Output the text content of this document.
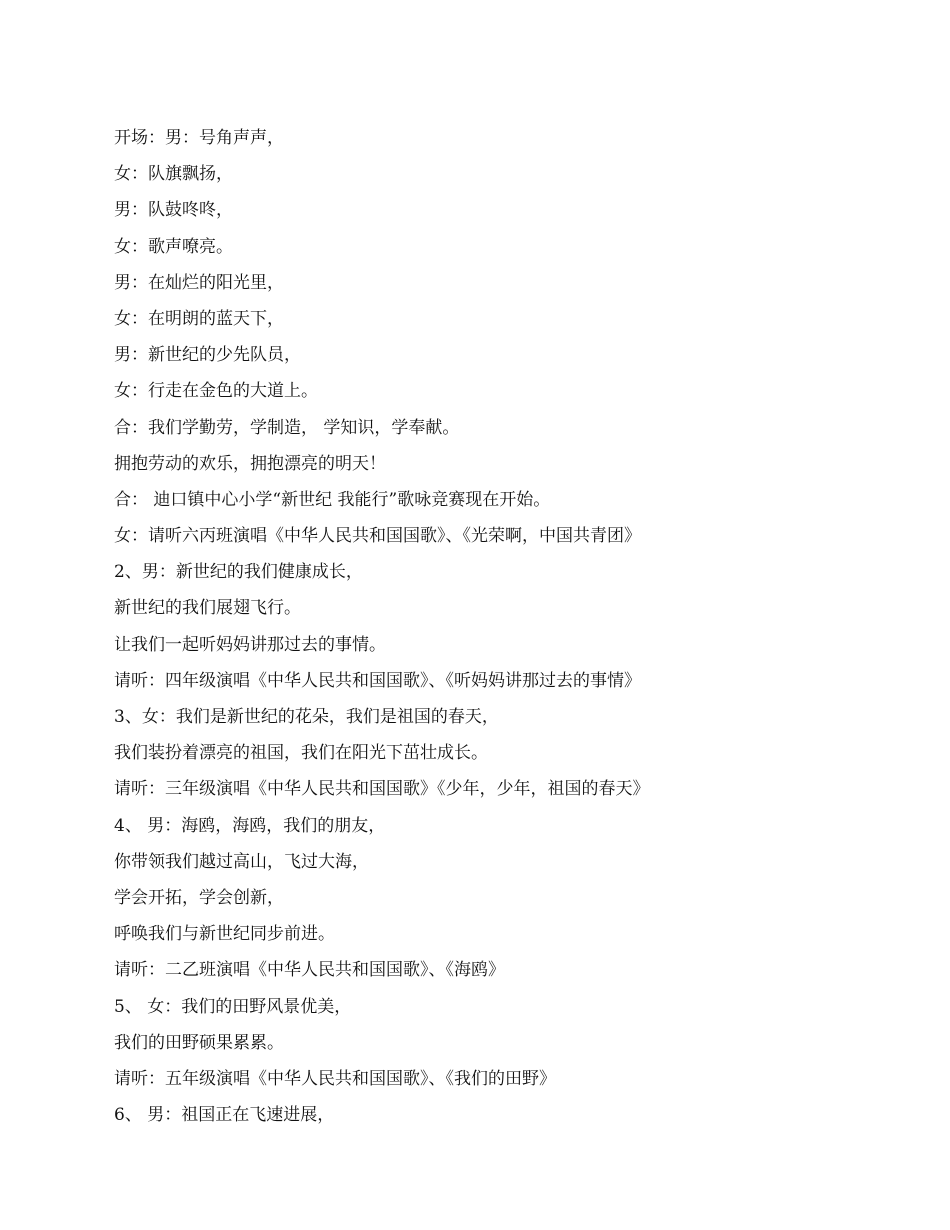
开场：男：号角声声，

女：队旗飘扬，

男：队鼓咚咚，

女：歌声嘹亮。

男：在灿烂的阳光里，

女：在明朗的蓝天下，

男：新世纪的少先队员，

女：行走在金色的大道上。

合：我们学勤劳，学制造， 学知识，学奉献。

拥抱劳动的欢乐，拥抱漂亮的明天！

合： 迪口镇中心小学“新世纪 我能行”歌咏竞赛现在开始。

女：请听六丙班演唱《中华人民共和国国歌》、《光荣啊，中国共青团》

2、男：新世纪的我们健康成长，

新世纪的我们展翅飞行。

让我们一起听妈妈讲那过去的事情。

请听：四年级演唱《中华人民共和国国歌》、《听妈妈讲那过去的事情》

3、女：我们是新世纪的花朵，我们是祖国的春天，

我们装扮着漂亮的祖国，我们在阳光下茁壮成长。

请听：三年级演唱《中华人民共和国国歌》《少年，少年，祖国的春天》

4、 男：海鸥，海鸥，我们的朋友，

你带领我们越过高山，飞过大海，

学会开拓，学会创新，

呼唤我们与新世纪同步前进。

请听：二乙班演唱《中华人民共和国国歌》、《海鸥》

5、 女：我们的田野风景优美，

我们的田野硕果累累。

请听：五年级演唱《中华人民共和国国歌》、《我们的田野》

6、 男：祖国正在飞速进展，
